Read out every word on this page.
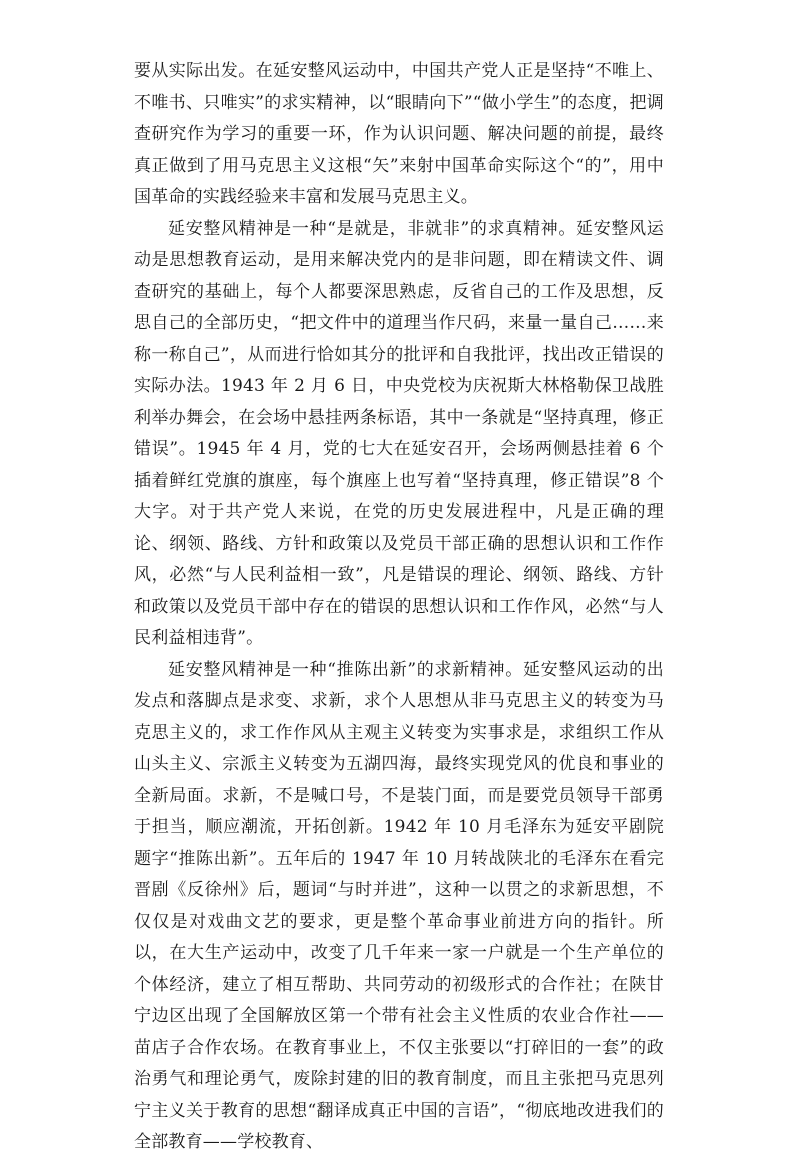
要从实际出发。在延安整风运动中，中国共产党人正是坚持“不唯上、不唯书、只唯实”的求实精神，以“眼睛向下”“做小学生”的态度，把调查研究作为学习的重要一环，作为认识问题、解决问题的前提，最终真正做到了用马克思主义这根“矢”来射中国革命实际这个“的”，用中国革命的实践经验来丰富和发展马克思主义。

延安整风精神是一种“是就是，非就非”的求真精神。延安整风运动是思想教育运动，是用来解决党内的是非问题，即在精读文件、调查研究的基础上，每个人都要深思熟虑，反省自己的工作及思想，反思自己的全部历史，“把文件中的道理当作尺码，来量一量自己……来称一称自己”，从而进行恰如其分的批评和自我批评，找出改正错误的实际办法。1943 年 2 月 6 日，中央党校为庆祝斯大林格勒保卫战胜利举办舞会，在会场中悬挂两条标语，其中一条就是“坚持真理，修正错误”。1945 年 4 月，党的七大在延安召开，会场两侧悬挂着 6 个插着鲜红党旗的旗座，每个旗座上也写着“坚持真理，修正错误”8 个大字。对于共产党人来说，在党的历史发展进程中，凡是正确的理论、纲领、路线、方针和政策以及党员干部正确的思想认识和工作作风，必然“与人民利益相一致”，凡是错误的理论、纲领、路线、方针和政策以及党员干部中存在的错误的思想认识和工作作风，必然“与人民利益相违背”。

延安整风精神是一种“推陈出新”的求新精神。延安整风运动的出发点和落脚点是求变、求新，求个人思想从非马克思主义的转变为马克思主义的，求工作作风从主观主义转变为实事求是，求组织工作从山头主义、宗派主义转变为五湖四海，最终实现党风的优良和事业的全新局面。求新，不是喊口号，不是装门面，而是要党员领导干部勇于担当，顺应潮流，开拓创新。1942 年 10 月毛泽东为延安平剧院题字“推陈出新”。五年后的 1947 年 10 月转战陕北的毛泽东在看完晋剧《反徐州》后，题词“与时并进”，这种一以贯之的求新思想，不仅仅是对戏曲文艺的要求，更是整个革命事业前进方向的指针。所以，在大生产运动中，改变了几千年来一家一户就是一个生产单位的个体经济，建立了相互帮助、共同劳动的初级形式的合作社；在陕甘宁边区出现了全国解放区第一个带有社会主义性质的农业合作社——苗店子合作农场。在教育事业上，不仅主张要以“打碎旧的一套”的政治勇气和理论勇气，废除封建的旧的教育制度，而且主张把马克思列宁主义关于教育的思想“翻译成真正中国的言语”，“彻底地改进我们的全部教育——学校教育、
